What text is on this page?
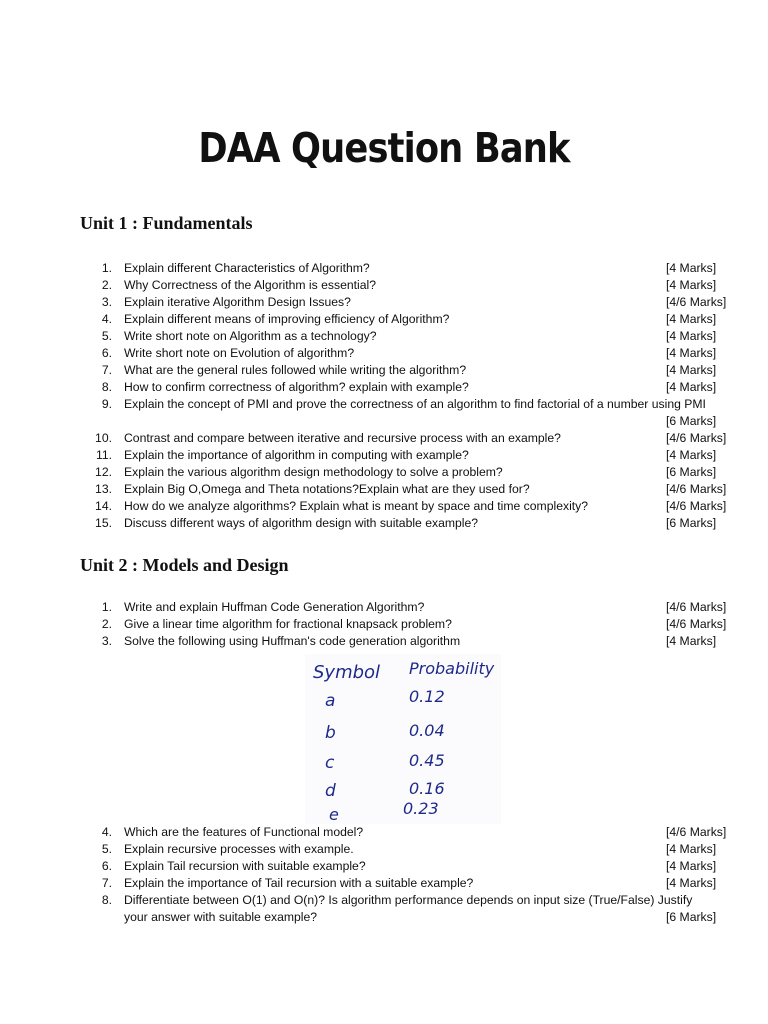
DAA Question Bank
Unit 1 : Fundamentals
1. Explain different Characteristics of Algorithm?	[4 Marks]
2. Why Correctness of the Algorithm is essential?	[4 Marks]
3. Explain iterative Algorithm Design Issues?	[4/6 Marks]
4. Explain different means of improving efficiency of Algorithm?	[4 Marks]
5. Write short note on Algorithm as a technology?	[4 Marks]
6. Write short note on Evolution of algorithm?	[4 Marks]
7. What are the general rules followed while writing the algorithm?	[4 Marks]
8. How to confirm correctness of algorithm? explain with example?	[4 Marks]
9. Explain the concept of PMI and prove the correctness of an algorithm to find factorial of a number using PMI
[6 Marks]
10. Contrast and compare between iterative and recursive process with an example?	[4/6 Marks]
11. Explain the importance of algorithm in computing with example?	[4 Marks]
12. Explain the various algorithm design methodology to solve a problem?	[6 Marks]
13. Explain Big O,Omega and Theta notations?Explain what are they used for?	[4/6 Marks]
14. How do we analyze algorithms? Explain what is meant by space and time complexity?	[4/6 Marks]
15. Discuss different ways of algorithm design with suitable example?	[6 Marks]
Unit 2 : Models and Design
1. Write and explain Huffman Code Generation Algorithm?	[4/6 Marks]
2. Give a linear time algorithm for fractional knapsack problem?	[4/6 Marks]
3. Solve the following using Huffman's code generation algorithm	[4 Marks]
Symbol Probability
a	0.12
b	0.04
c	0.45
d	0.16
e	0.23
4. Which are the features of Functional model?	[4/6 Marks]
5. Explain recursive processes with example.	[4 Marks]
6. Explain Tail recursion with suitable example?	[4 Marks]
7. Explain the importance of Tail recursion with a suitable example?	[4 Marks]
8. Differentiate between O(1) and O(n)? Is algorithm performance depends on input size (True/False) Justify
your answer with suitable example?	[6 Marks]
